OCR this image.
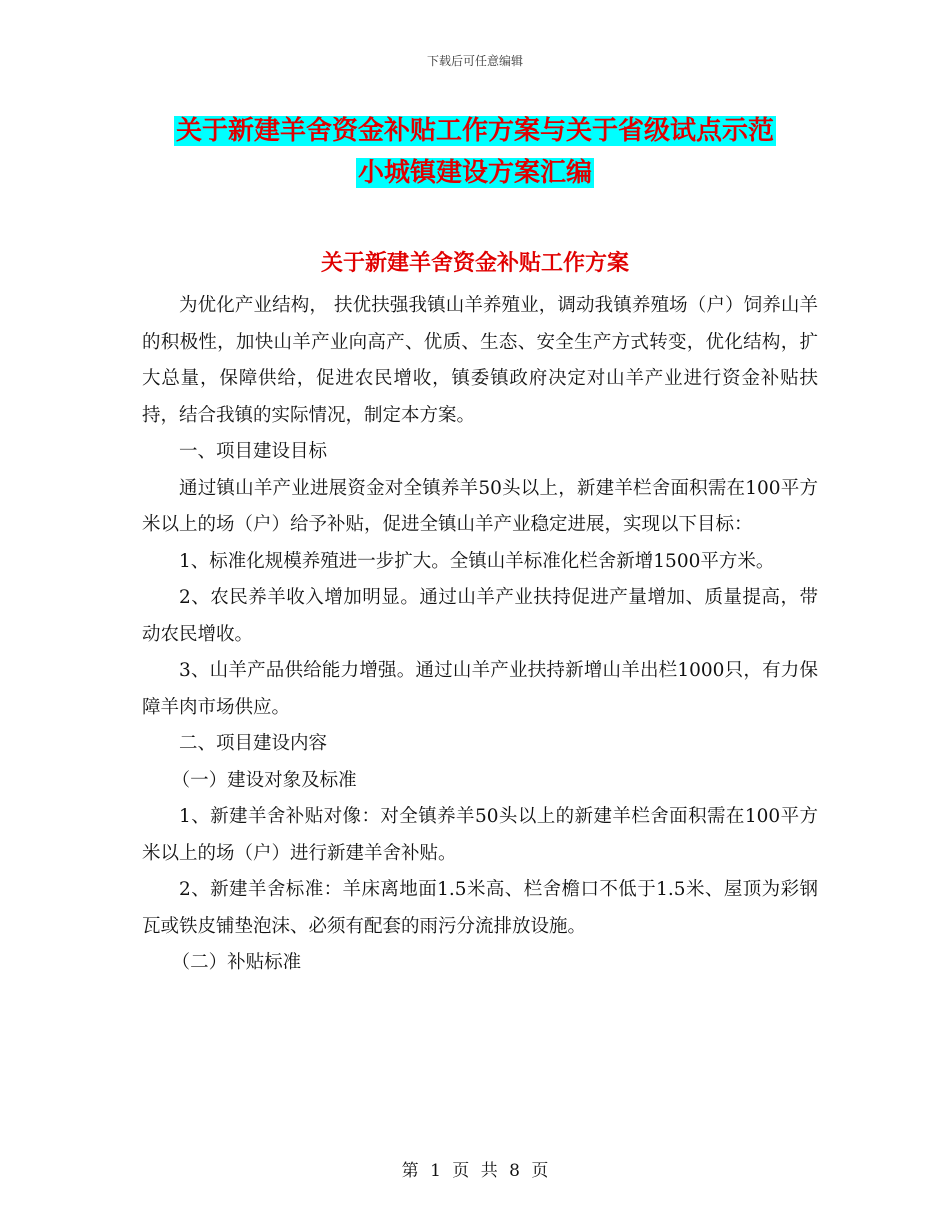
下载后可任意编辑
关于新建羊舍资金补贴工作方案与关于省级试点示范
小城镇建设方案汇编
关于新建羊舍资金补贴工作方案

为优化产业结构， 扶优扶强我镇山羊养殖业，调动我镇养殖场（户）饲养山羊的积极性，加快山羊产业向高产、优质、生态、安全生产方式转变，优化结构，扩大总量，保障供给，促进农民增收，镇委镇政府决定对山羊产业进行资金补贴扶持，结合我镇的实际情况，制定本方案。

一、项目建设目标

通过镇山羊产业进展资金对全镇养羊50头以上，新建羊栏舍面积需在100平方米以上的场（户）给予补贴，促进全镇山羊产业稳定进展，实现以下目标：

1、标准化规模养殖进一步扩大。全镇山羊标准化栏舍新增1500平方米。

2、农民养羊收入增加明显。通过山羊产业扶持促进产量增加、质量提高，带动农民增收。

3、山羊产品供给能力增强。通过山羊产业扶持新增山羊出栏1000只，有力保障羊肉市场供应。

二、项目建设内容

（一）建设对象及标准

1、新建羊舍补贴对像：对全镇养羊50头以上的新建羊栏舍面积需在100平方米以上的场（户）进行新建羊舍补贴。

2、新建羊舍标准：羊床离地面1.5米高、栏舍檐口不低于1.5米、屋顶为彩钢瓦或铁皮铺垫泡沫、必须有配套的雨污分流排放设施。

（二）补贴标准

第 1 页 共 8 页
